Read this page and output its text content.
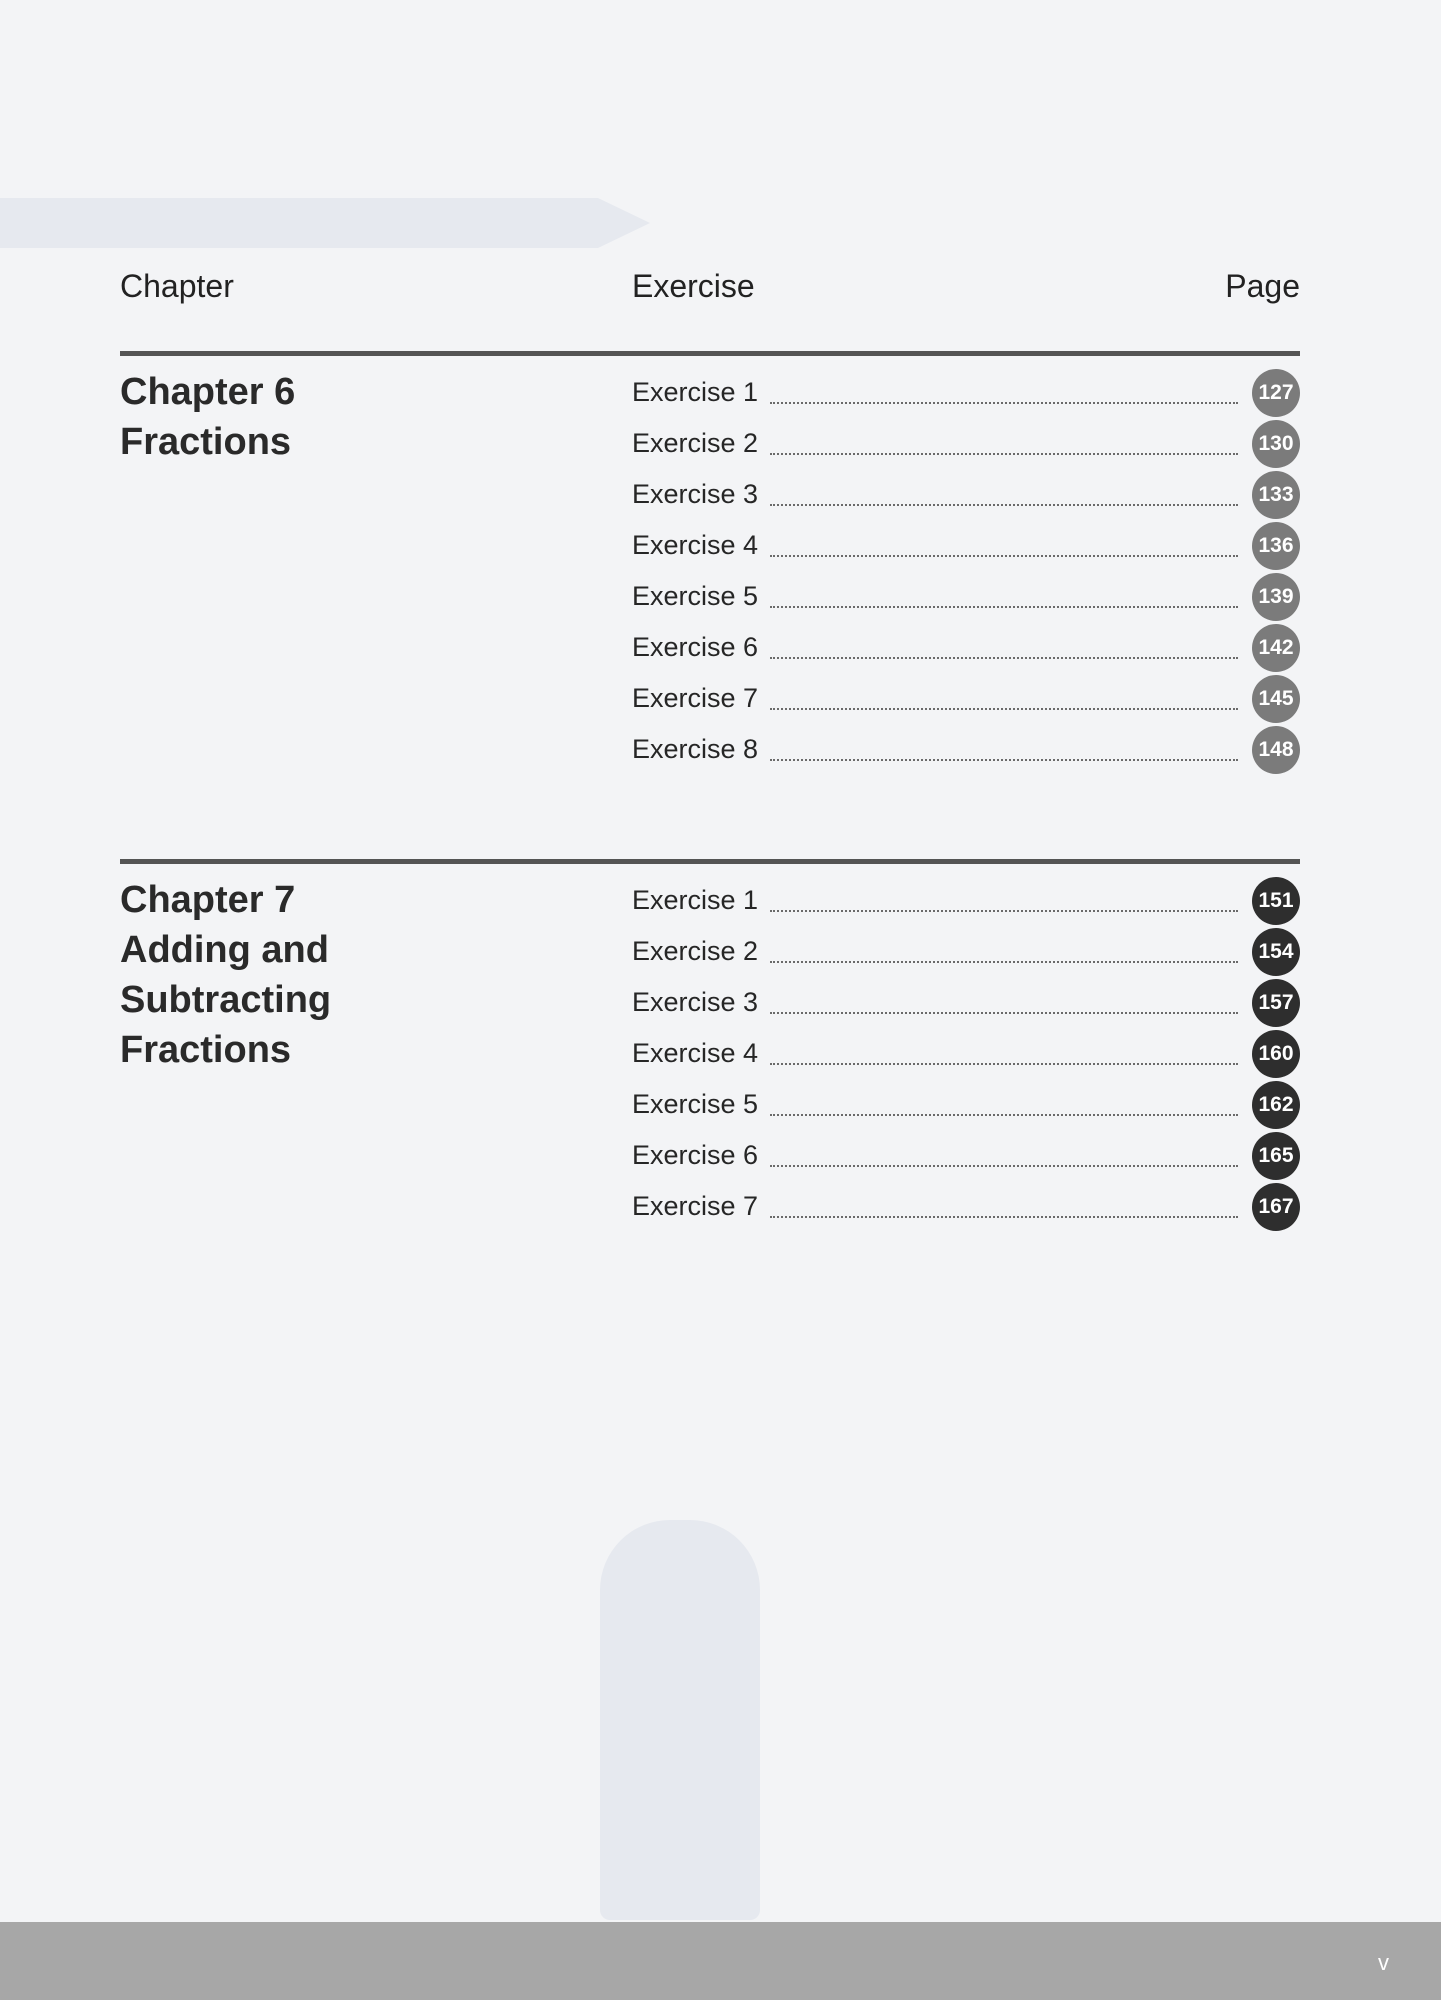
Chapter	Exercise	Page
Chapter 6
Fractions
Exercise 1	127
Exercise 2	130
Exercise 3	133
Exercise 4	136
Exercise 5	139
Exercise 6	142
Exercise 7	145
Exercise 8	148
Chapter 7
Adding and
Subtracting
Fractions
Exercise 1	151
Exercise 2	154
Exercise 3	157
Exercise 4	160
Exercise 5	162
Exercise 6	165
Exercise 7	167
v
